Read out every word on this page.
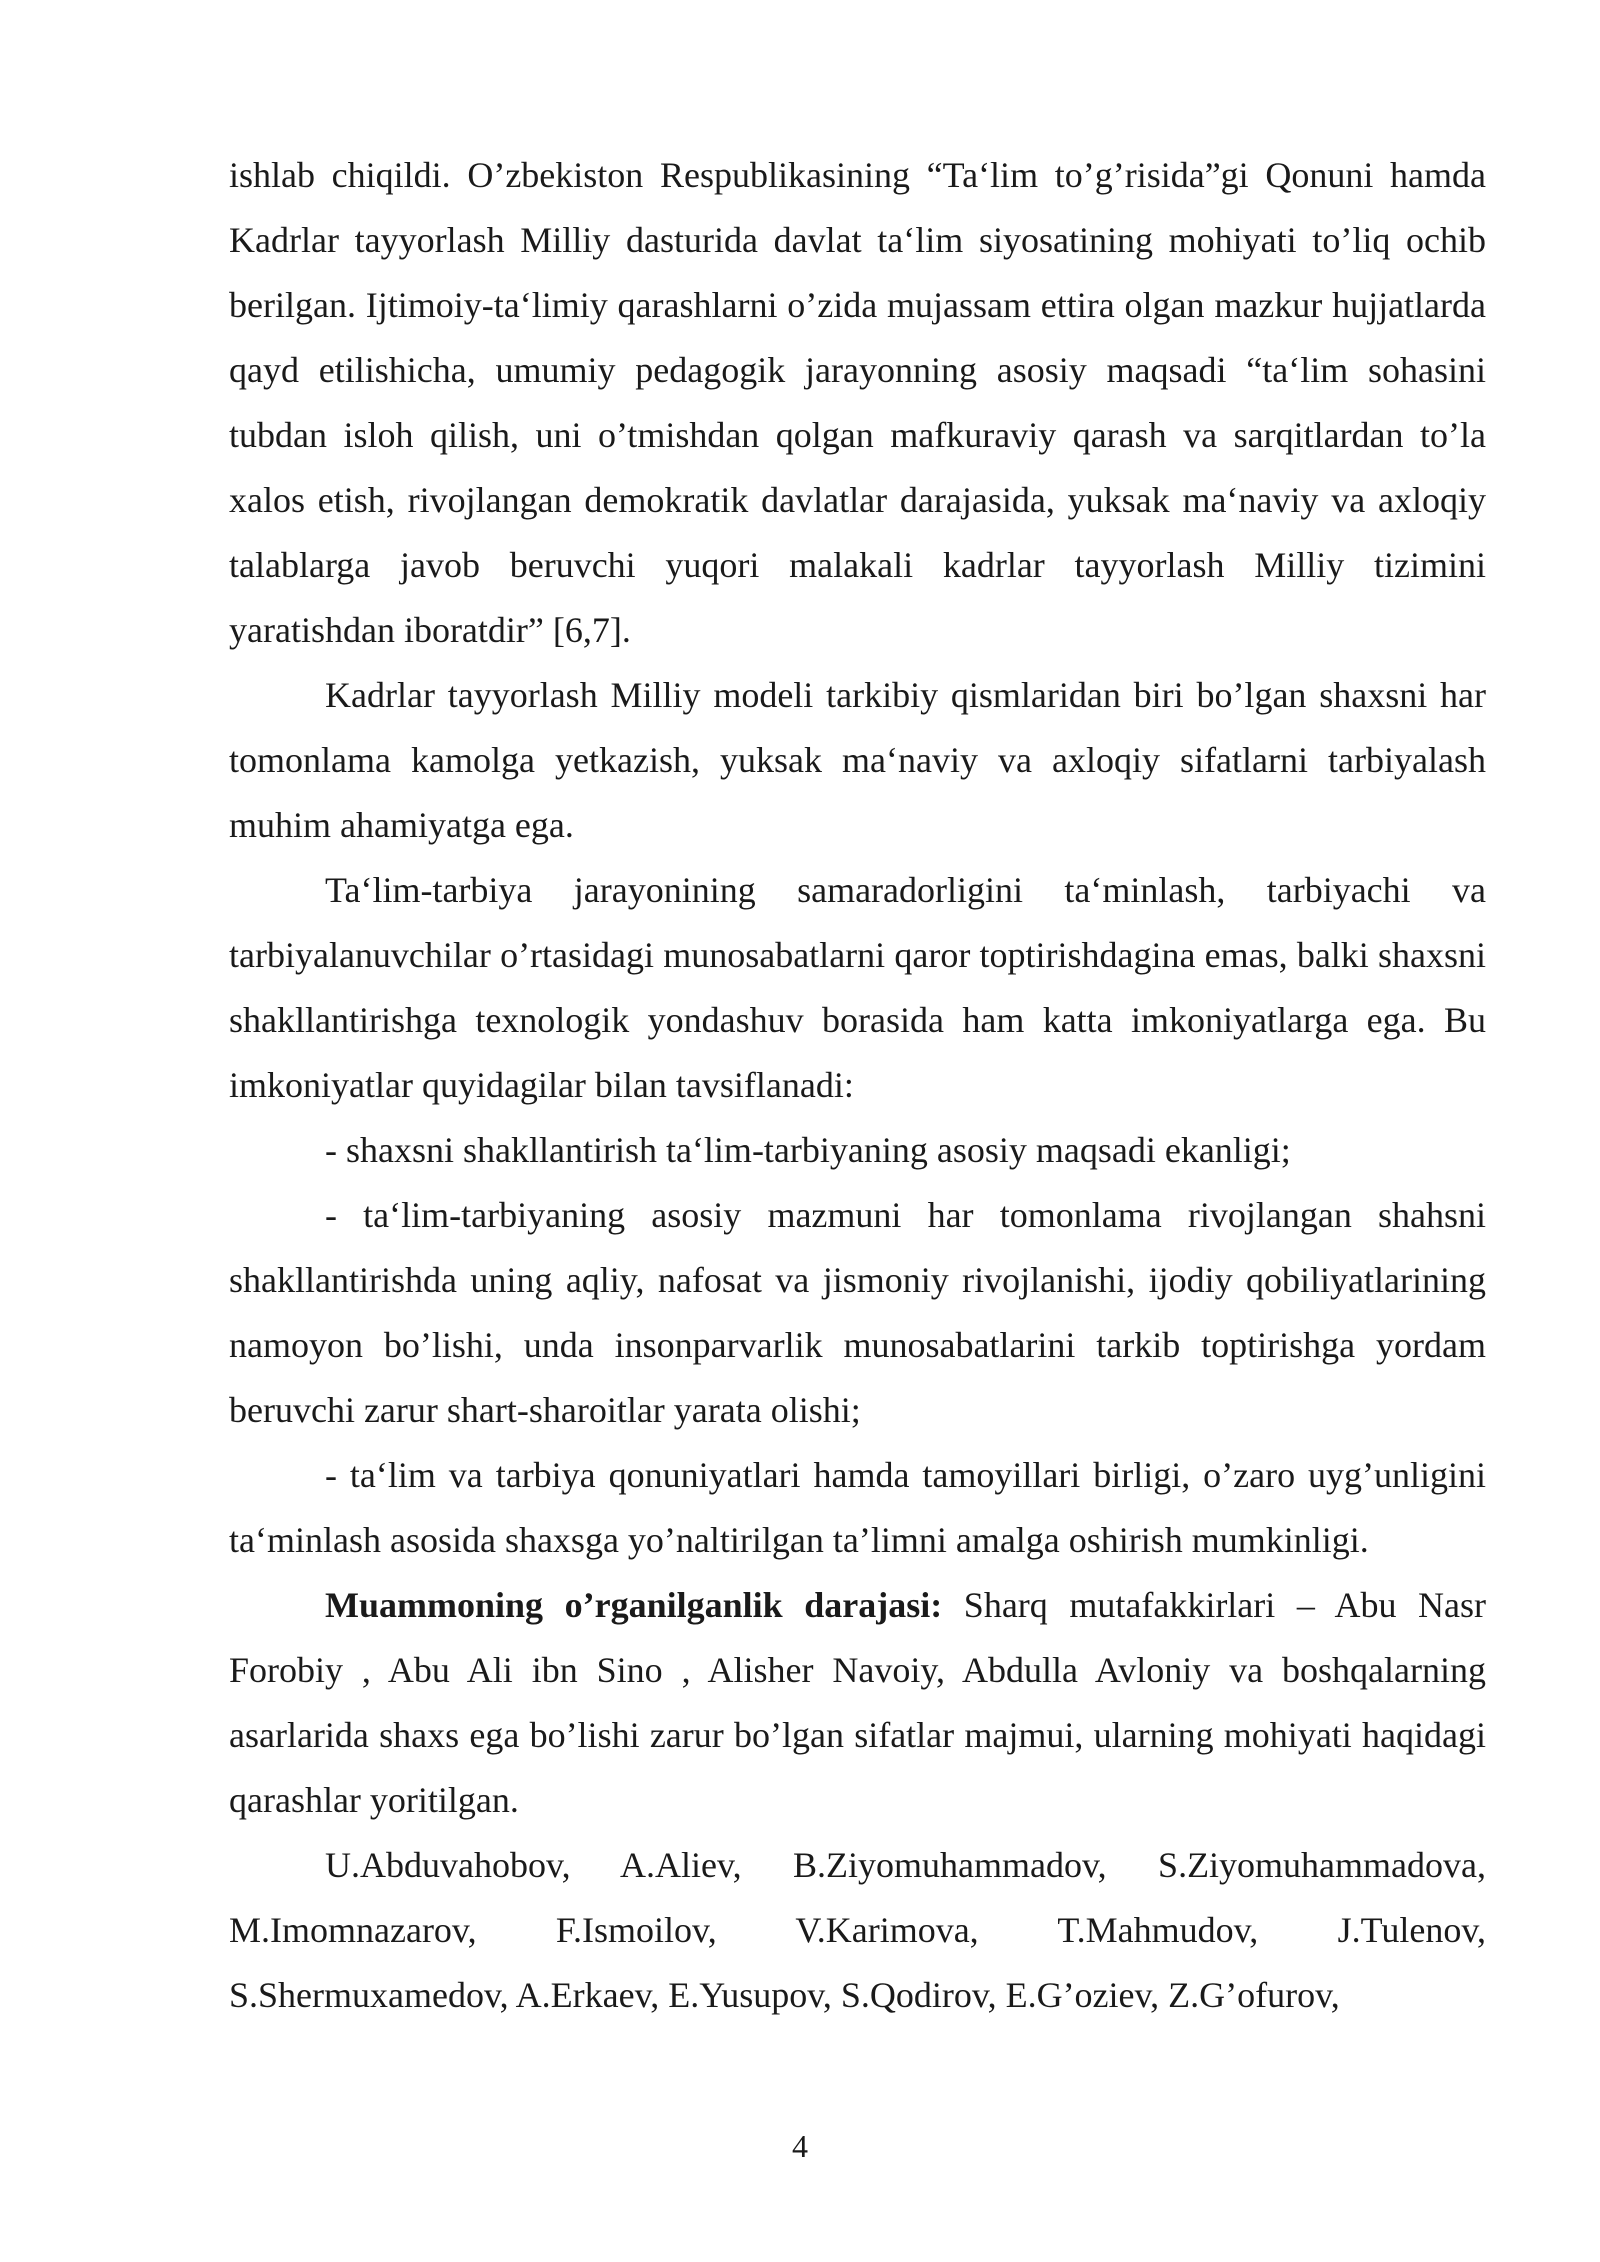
ishlab chiqildi. O’zbekiston Respublikasining “Ta‘lim to’g’risida”gi Qonuni hamda Kadrlar tayyorlash Milliy dasturida davlat ta‘lim siyosatining mohiyati to’liq ochib berilgan. Ijtimoiy-ta‘limiy qarashlarni o’zida mujassam ettira olgan mazkur hujjatlarda qayd etilishicha, umumiy pedagogik jarayonning asosiy maqsadi “ta‘lim sohasini tubdan isloh qilish, uni o’tmishdan qolgan mafkuraviy qarash va sarqitlardan to’la xalos etish, rivojlangan demokratik davlatlar darajasida, yuksak ma‘naviy va axloqiy talablarga javob beruvchi yuqori malakali kadrlar tayyorlash Milliy tizimini yaratishdan iboratdir” [6,7].

Kadrlar tayyorlash Milliy modeli tarkibiy qismlaridan biri bo’lgan shaxsni har tomonlama kamolga yetkazish, yuksak ma‘naviy va axloqiy sifatlarni tarbiyalash muhim ahamiyatga ega.

Ta‘lim-tarbiya jarayonining samaradorligini ta‘minlash, tarbiyachi va tarbiyalanuvchilar o’rtasidagi munosabatlarni qaror toptirishdagina emas, balki shaxsni shakllantirishga texnologik yondashuv borasida ham katta imkoniyatlarga ega. Bu imkoniyatlar quyidagilar bilan tavsiflanadi:

- shaxsni shakllantirish ta‘lim-tarbiyaning asosiy maqsadi ekanligi;

- ta‘lim-tarbiyaning asosiy mazmuni har tomonlama rivojlangan shahsni shakllantirishda uning aqliy, nafosat va jismoniy rivojlanishi, ijodiy qobiliyatlarining namoyon bo’lishi, unda insonparvarlik munosabatlarini tarkib toptirishga yordam beruvchi zarur shart-sharoitlar yarata olishi;

- ta‘lim va tarbiya qonuniyatlari hamda tamoyillari birligi, o’zaro uyg’unligini ta‘minlash asosida shaxsga yo’naltirilgan ta’limni amalga oshirish mumkinligi.

Muammoning o’rganilganlik darajasi: Sharq mutafakkirlari – Abu Nasr Forobiy , Abu Ali ibn Sino , Alisher Navoiy, Abdulla Avloniy va boshqalarning asarlarida shaxs ega bo’lishi zarur bo’lgan sifatlar majmui, ularning mohiyati haqidagi qarashlar yoritilgan.

U.Abduvahobov, A.Aliev, B.Ziyomuhammadov, S.Ziyomuhammadova, M.Imomnazarov, F.Ismoilov, V.Karimova, T.Mahmudov, J.Tulenov, S.Shermuxamedov, A.Erkaev, E.Yusupov, S.Qodirov, E.G’oziev, Z.G’ofurov,

4
